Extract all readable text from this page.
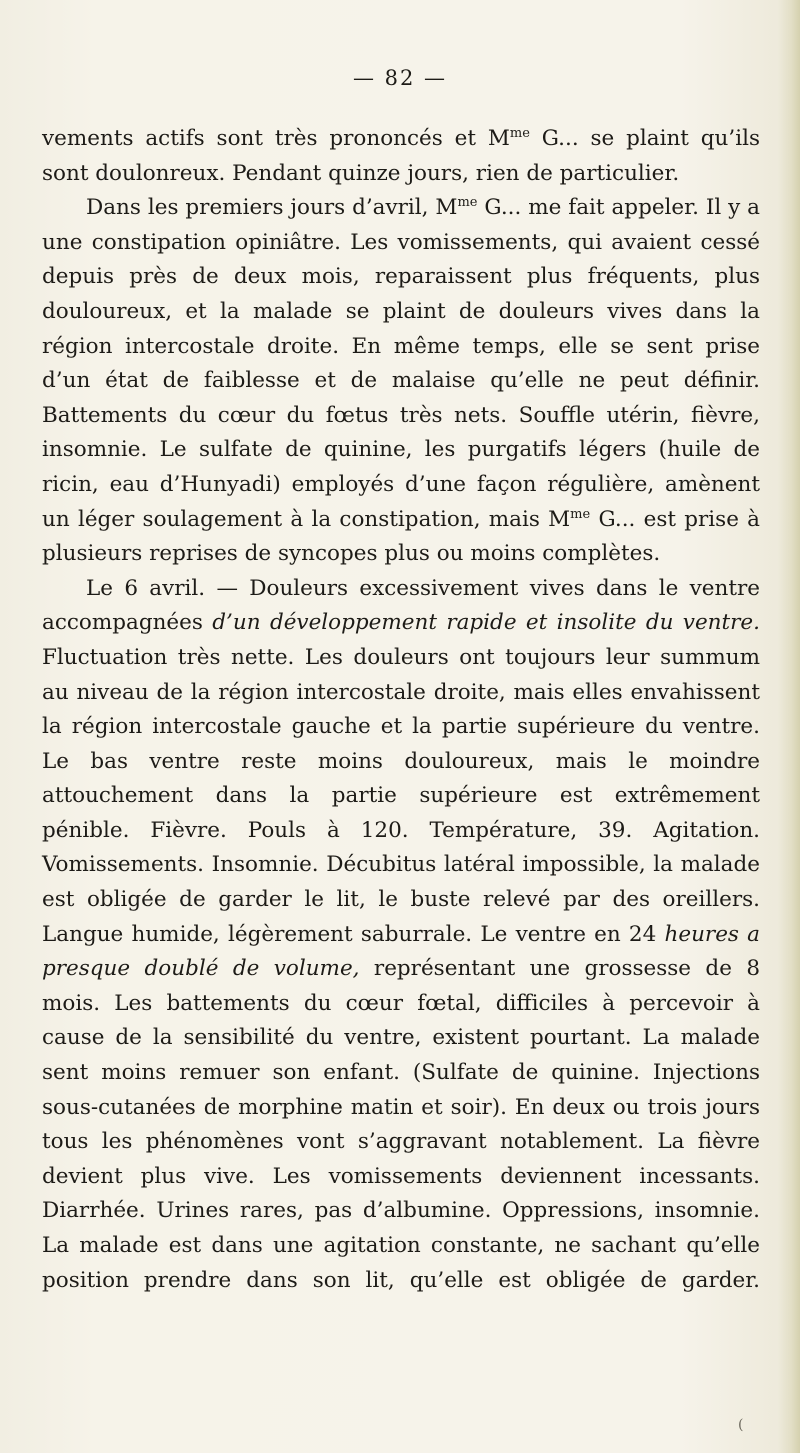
— 82 —

vements actifs sont très prononcés et $M^{me}$ G... se plaint qu’ils sont doulonreux. Pendant quinze jours, rien de particulier.

Dans les premiers jours d’avril, $M^{me}$ G... me fait appeler. Il y a une constipation opiniâtre. Les vomissements, qui avaient cessé depuis près de deux mois, reparaissent plus fréquents, plus douloureux, et la malade se plaint de douleurs vives dans la région intercostale droite. En même temps, elle se sent prise d’un état de faiblesse et de malaise qu’elle ne peut définir. Battements du cœur du fœtus très nets. Souffle utérin, fièvre, insomnie. Le sulfate de quinine, les purgatifs légers (huile de ricin, eau d’Hunyadi) employés d’une façon régulière, amènent un léger soulagement à la constipation, mais $M^{me}$ G... est prise à plusieurs reprises de syncopes plus ou moins complètes.

Le 6 avril. — Douleurs excessivement vives dans le ventre accompagnées d’un développement rapide et insolite du ventre. Fluctuation très nette. Les douleurs ont toujours leur summum au niveau de la région intercostale droite, mais elles envahissent la région intercostale gauche et la partie supérieure du ventre. Le bas ventre reste moins douloureux, mais le moindre attouchement dans la partie supérieure est extrêmement pénible. Fièvre. Pouls à 120. Température, 39. Agitation. Vomissements. Insomnie. Décubitus latéral impossible, la malade est obligée de garder le lit, le buste relevé par des oreillers. Langue humide, légèrement saburrale. Le ventre en 24 heures a presque doublé de volume, représentant une grossesse de 8 mois. Les battements du cœur fœtal, difficiles à percevoir à cause de la sensibilité du ventre, existent pourtant. La malade sent moins remuer son enfant. (Sulfate de quinine. Injections sous-cutanées de morphine matin et soir). En deux ou trois jours tous les phénomènes vont s’aggravant notablement. La fièvre devient plus vive. Les vomissements deviennent incessants. Diarrhée. Urines rares, pas d’albumine. Oppressions, insomnie. La malade est dans une agitation constante, ne sachant qu’elle position prendre dans son lit, qu’elle est obligée de garder.

(
